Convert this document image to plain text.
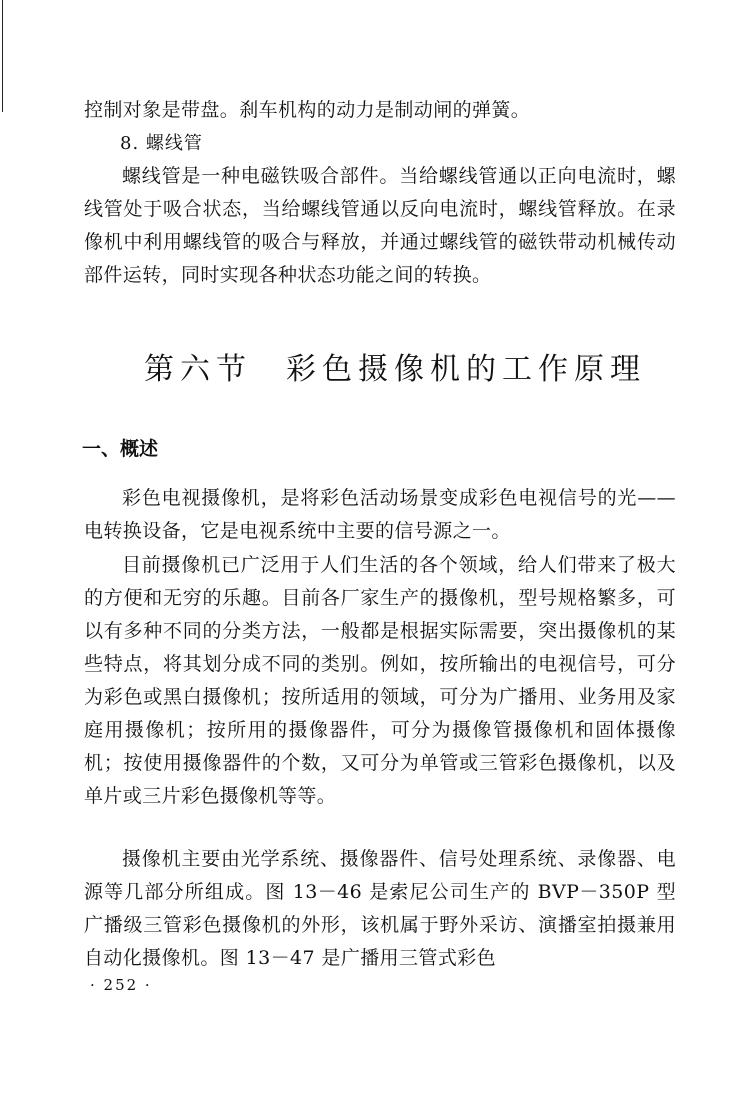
控制对象是带盘。刹车机构的动力是制动闸的弹簧。
8. 螺线管
螺线管是一种电磁铁吸合部件。当给螺线管通以正向电流时，螺线管处于吸合状态，当给螺线管通以反向电流时，螺线管释放。在录像机中利用螺线管的吸合与释放，并通过螺线管的磁铁带动机械传动部件运转，同时实现各种状态功能之间的转换。
第六节 彩色摄像机的工作原理
一、概述
彩色电视摄像机，是将彩色活动场景变成彩色电视信号的光——电转换设备，它是电视系统中主要的信号源之一。
目前摄像机已广泛用于人们生活的各个领域，给人们带来了极大的方便和无穷的乐趣。目前各厂家生产的摄像机，型号规格繁多，可以有多种不同的分类方法，一般都是根据实际需要，突出摄像机的某些特点，将其划分成不同的类别。例如，按所输出的电视信号，可分为彩色或黑白摄像机；按所适用的领域，可分为广播用、业务用及家庭用摄像机；按所用的摄像器件，可分为摄像管摄像机和固体摄像机；按使用摄像器件的个数，又可分为单管或三管彩色摄像机，以及单片或三片彩色摄像机等等。
摄像机主要由光学系统、摄像器件、信号处理系统、录像器、电源等几部分所组成。图 13－46 是索尼公司生产的 BVP－350P 型广播级三管彩色摄像机的外形，该机属于野外采访、演播室拍摄兼用自动化摄像机。图 13－47 是广播用三管式彩色
· 252 ·
